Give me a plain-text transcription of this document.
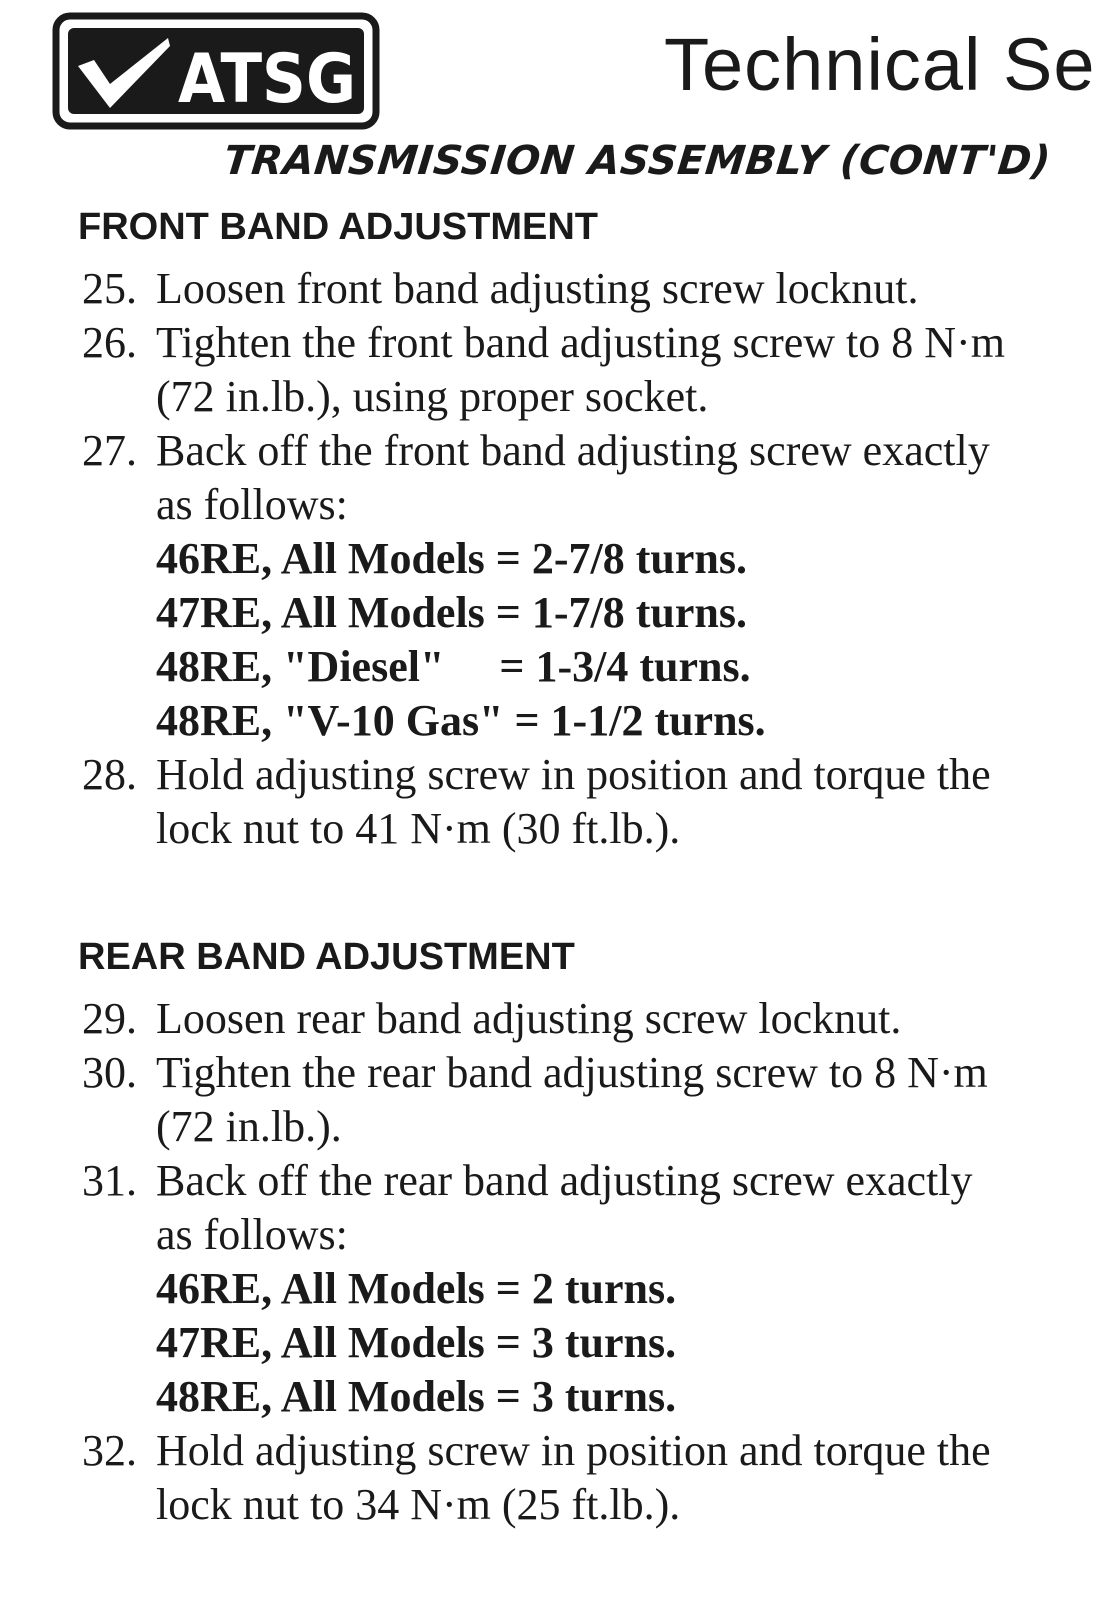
ATSG	Technical Se
TRANSMISSION ASSEMBLY (CONT'D)
FRONT BAND ADJUSTMENT
25. Loosen front band adjusting screw locknut.
26. Tighten the front band adjusting screw to 8 N·m
(72 in.lb.), using proper socket.
27. Back off the front band adjusting screw exactly
as follows:
46RE, All Models = 2-7/8 turns.
47RE, All Models = 1-7/8 turns.
48RE, "Diesel"     = 1-3/4 turns.
48RE, "V-10 Gas" = 1-1/2 turns.
28. Hold adjusting screw in position and torque the
lock nut to 41 N·m (30 ft.lb.).
REAR BAND ADJUSTMENT
29. Loosen rear band adjusting screw locknut.
30. Tighten the rear band adjusting screw to 8 N·m
(72 in.lb.).
31. Back off the rear band adjusting screw exactly
as follows:
46RE, All Models = 2 turns.
47RE, All Models = 3 turns.
48RE, All Models = 3 turns.
32. Hold adjusting screw in position and torque the
lock nut to 34 N·m (25 ft.lb.).
